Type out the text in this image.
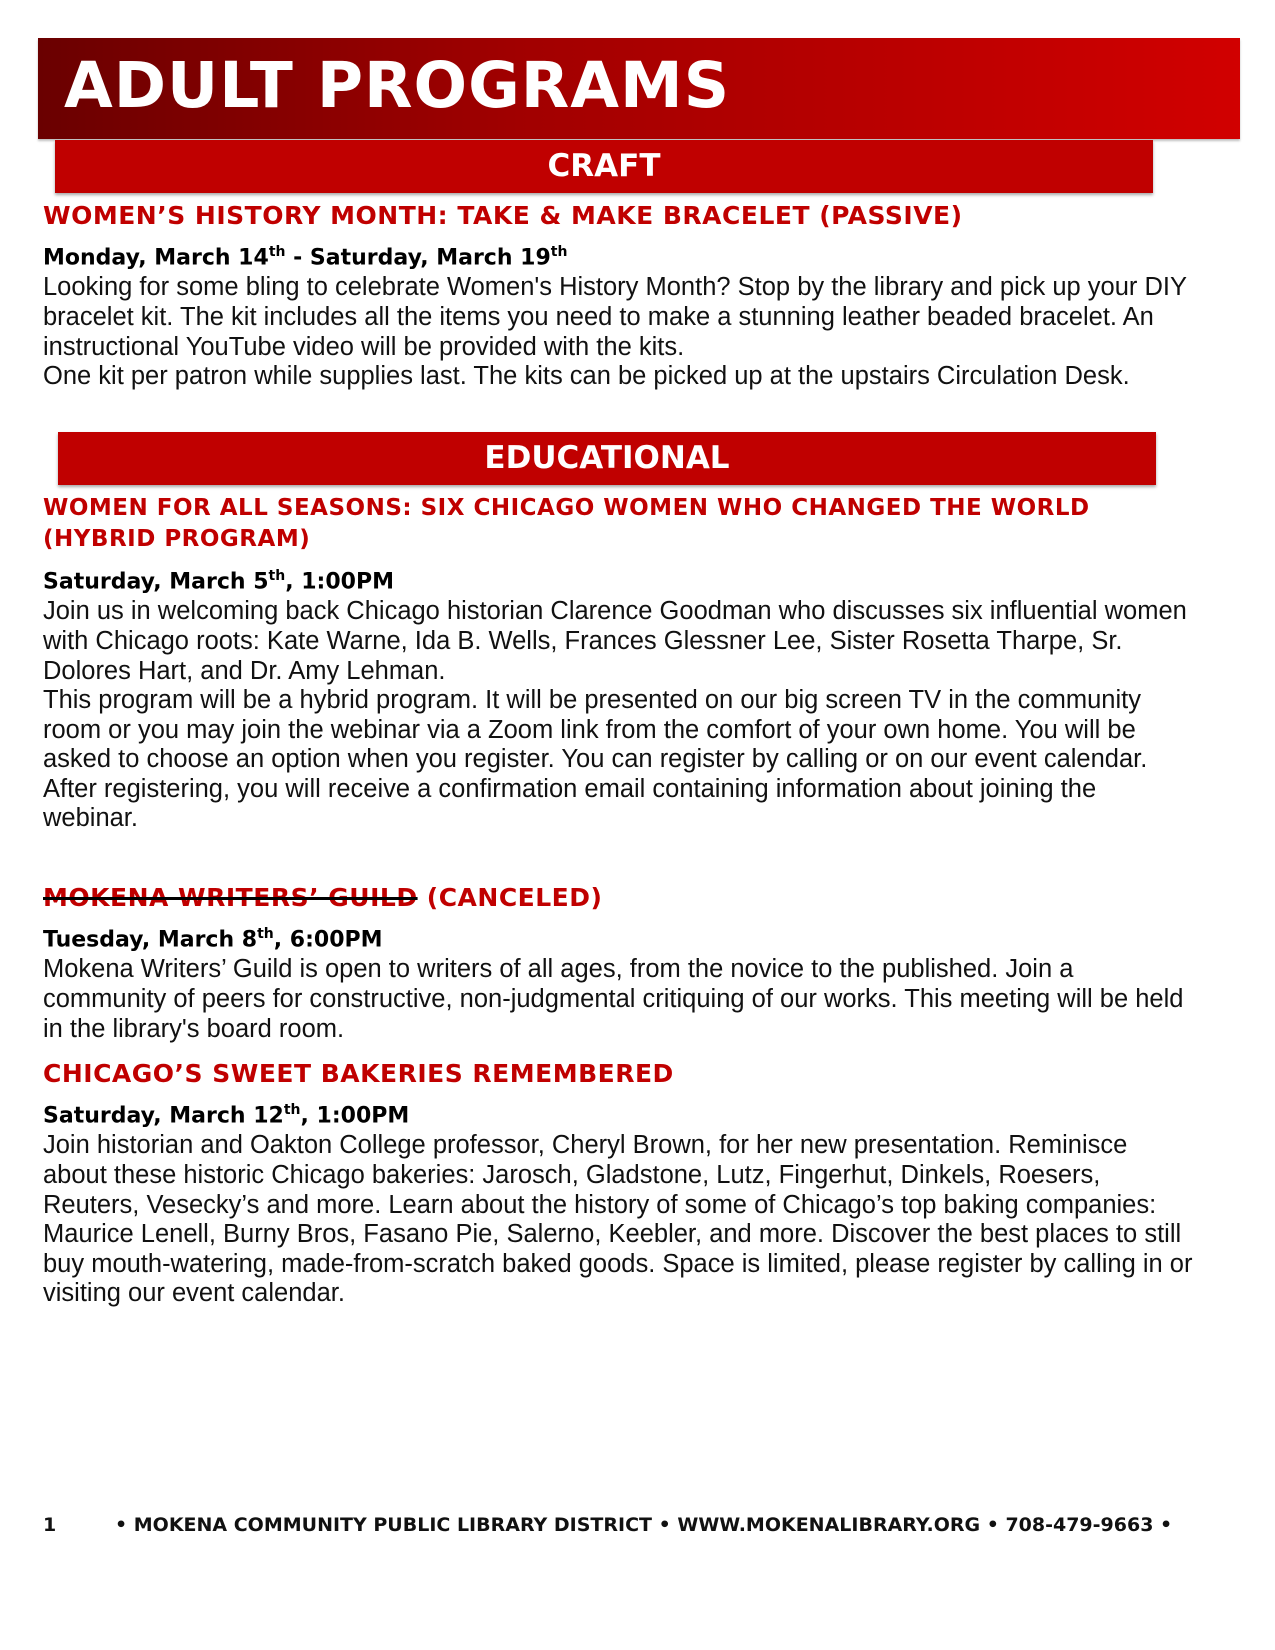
ADULT PROGRAMS
CRAFT

WOMEN’S HISTORY MONTH: TAKE & MAKE BRACELET (PASSIVE)

Monday, March 14th - Saturday, March 19th

Looking for some bling to celebrate Women's History Month? Stop by the library and pick up your DIY bracelet kit. The kit includes all the items you need to make a stunning leather beaded bracelet. An instructional YouTube video will be provided with the kits.

One kit per patron while supplies last. The kits can be picked up at the upstairs Circulation Desk.

EDUCATIONAL

WOMEN FOR ALL SEASONS: SIX CHICAGO WOMEN WHO CHANGED THE WORLD (HYBRID PROGRAM)

Saturday, March 5th, 1:00PM

Join us in welcoming back Chicago historian Clarence Goodman who discusses six influential women with Chicago roots: Kate Warne, Ida B. Wells, Frances Glessner Lee, Sister Rosetta Tharpe, Sr. Dolores Hart, and Dr. Amy Lehman.

This program will be a hybrid program. It will be presented on our big screen TV in the community room or you may join the webinar via a Zoom link from the comfort of your own home. You will be asked to choose an option when you register. You can register by calling or on our event calendar.

After registering, you will receive a confirmation email containing information about joining the webinar.

MOKENA WRITERS’ GUILD (CANCELED)

Tuesday, March 8th, 6:00PM

Mokena Writers’ Guild is open to writers of all ages, from the novice to the published. Join a community of peers for constructive, non-judgmental critiquing of our works. This meeting will be held in the library's board room.

CHICAGO’S SWEET BAKERIES REMEMBERED

Saturday, March 12th, 1:00PM

Join historian and Oakton College professor, Cheryl Brown, for her new presentation. Reminisce about these historic Chicago bakeries: Jarosch, Gladstone, Lutz, Fingerhut, Dinkels, Roesers, Reuters, Vesecky’s and more. Learn about the history of some of Chicago’s top baking companies: Maurice Lenell, Burny Bros, Fasano Pie, Salerno, Keebler, and more. Discover the best places to still buy mouth-watering, made-from-scratch baked goods. Space is limited, please register by calling in or visiting our event calendar.

1	• MOKENA COMMUNITY PUBLIC LIBRARY DISTRICT • WWW.MOKENALIBRARY.ORG • 708-479-9663 •
